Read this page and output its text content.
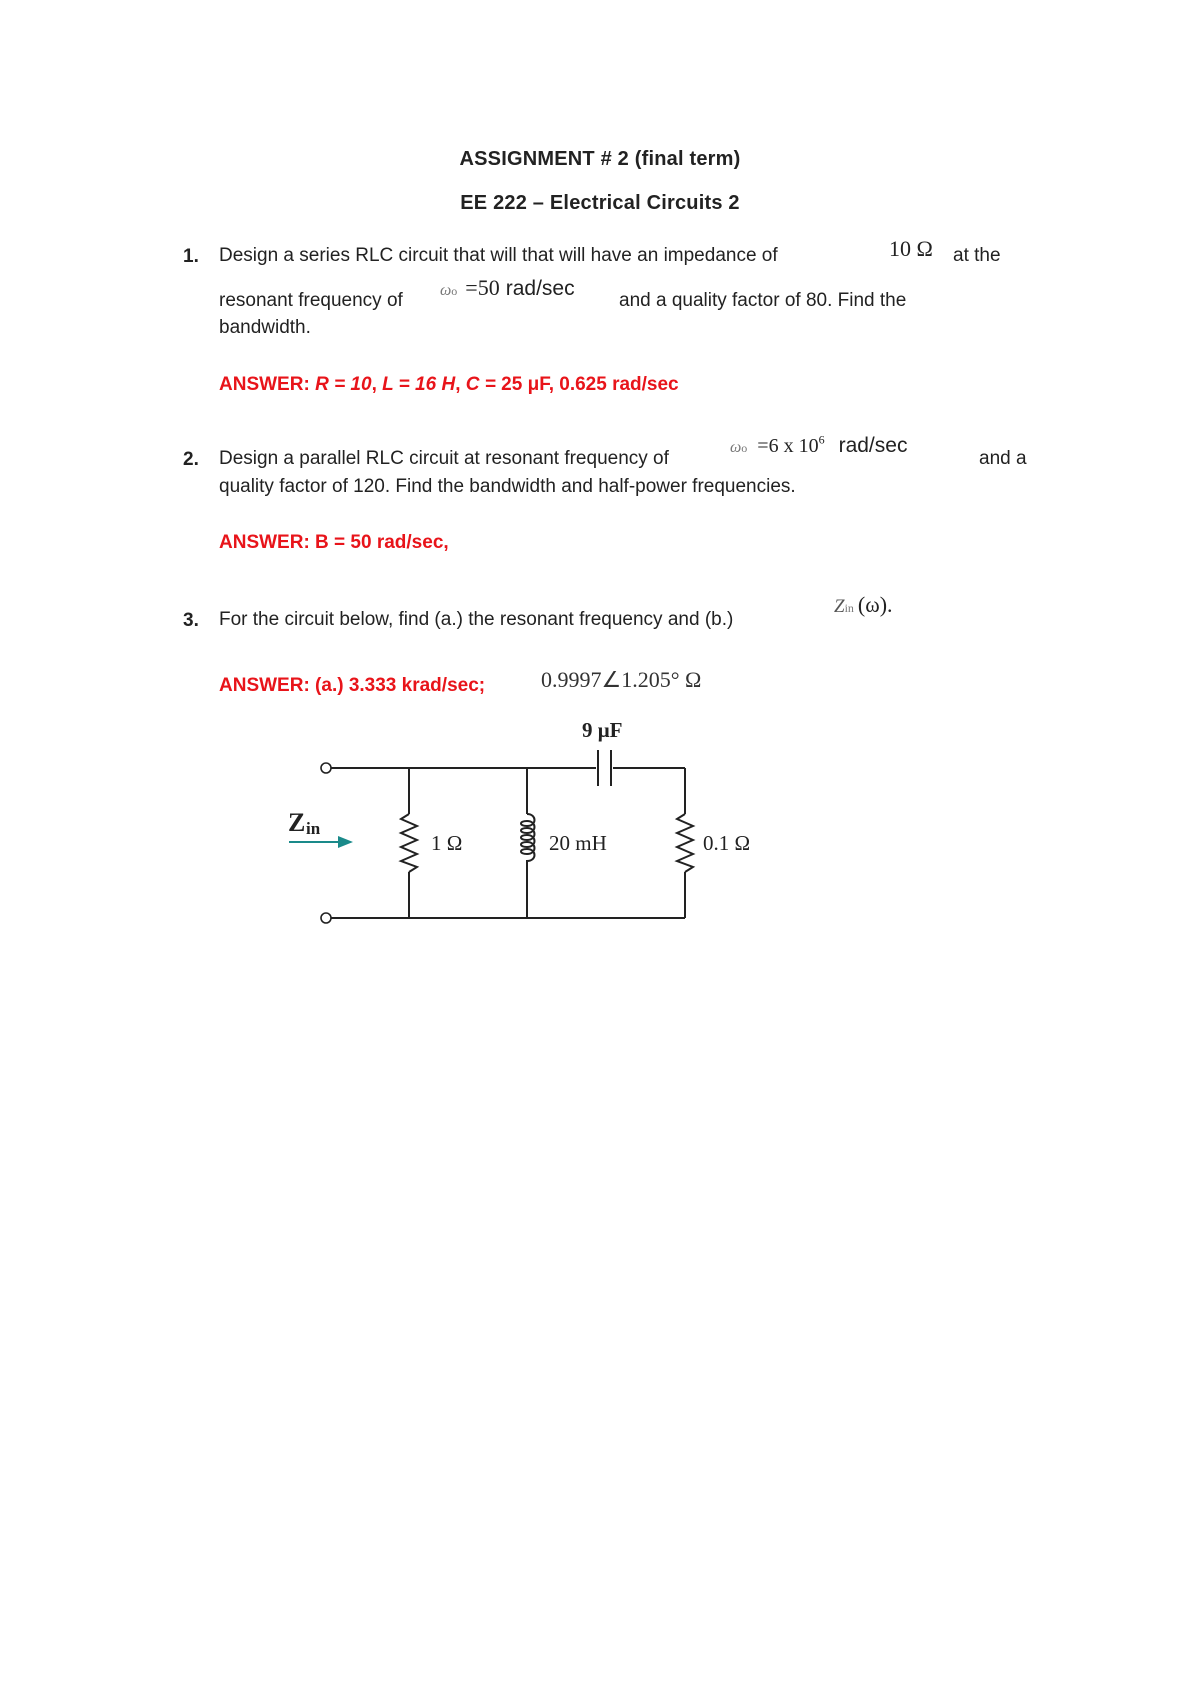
ASSIGNMENT # 2 (final term)
EE 222 – Electrical Circuits 2
1. Design a series RLC circuit that will that will have an impedance of	10 Ω at the
resonant frequency of ωo =50 rad/sec
and a quality factor of 80. Find the
bandwidth.
ANSWER: R = 10, L = 16 H, C = 25 μF, 0.625 rad/sec
2. Design a parallel RLC circuit at resonant frequency of
ωo =6 x $10^6$ rad/sec
and a
quality factor of 120. Find the bandwidth and half-power frequencies.
ANSWER: B = 50 rad/sec,
3. For the circuit below, find (a.) the resonant frequency and (b.)
Zin (ω).
ANSWER: (a.) 3.333 krad/sec;	0.9997∠1.205° Ω
Z in
9 μF
1 Ω	20 mH	0.1 Ω
